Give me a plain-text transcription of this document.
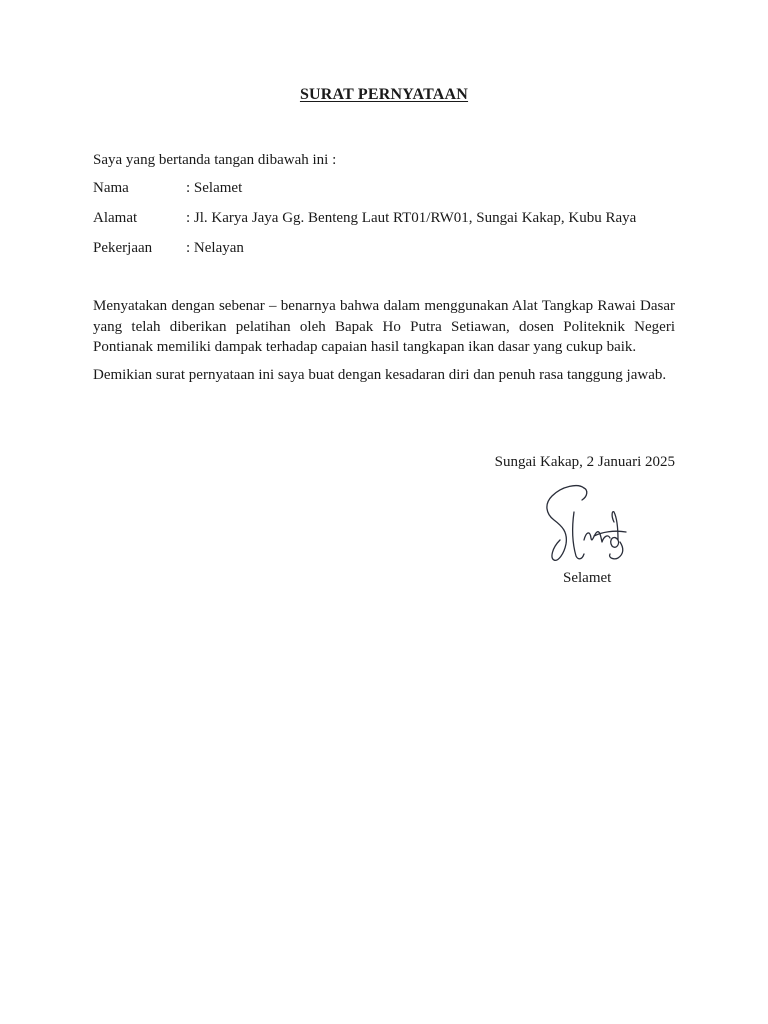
SURAT PERNYATAAN
Saya yang bertanda tangan dibawah ini :
Nama	: Selamet
Alamat	: Jl. Karya Jaya Gg. Benteng Laut RT01/RW01, Sungai Kakap, Kubu Raya
Pekerjaan : Nelayan
Menyatakan dengan sebenar – benarnya bahwa dalam menggunakan Alat Tangkap Rawai Dasar yang telah diberikan pelatihan oleh Bapak Ho Putra Setiawan, dosen Politeknik Negeri Pontianak memiliki dampak terhadap capaian hasil tangkapan ikan dasar yang cukup baik.
Demikian surat pernyataan ini saya buat dengan kesadaran diri dan penuh rasa tanggung jawab.
Sungai Kakap, 2 Januari 2025
Selamet
